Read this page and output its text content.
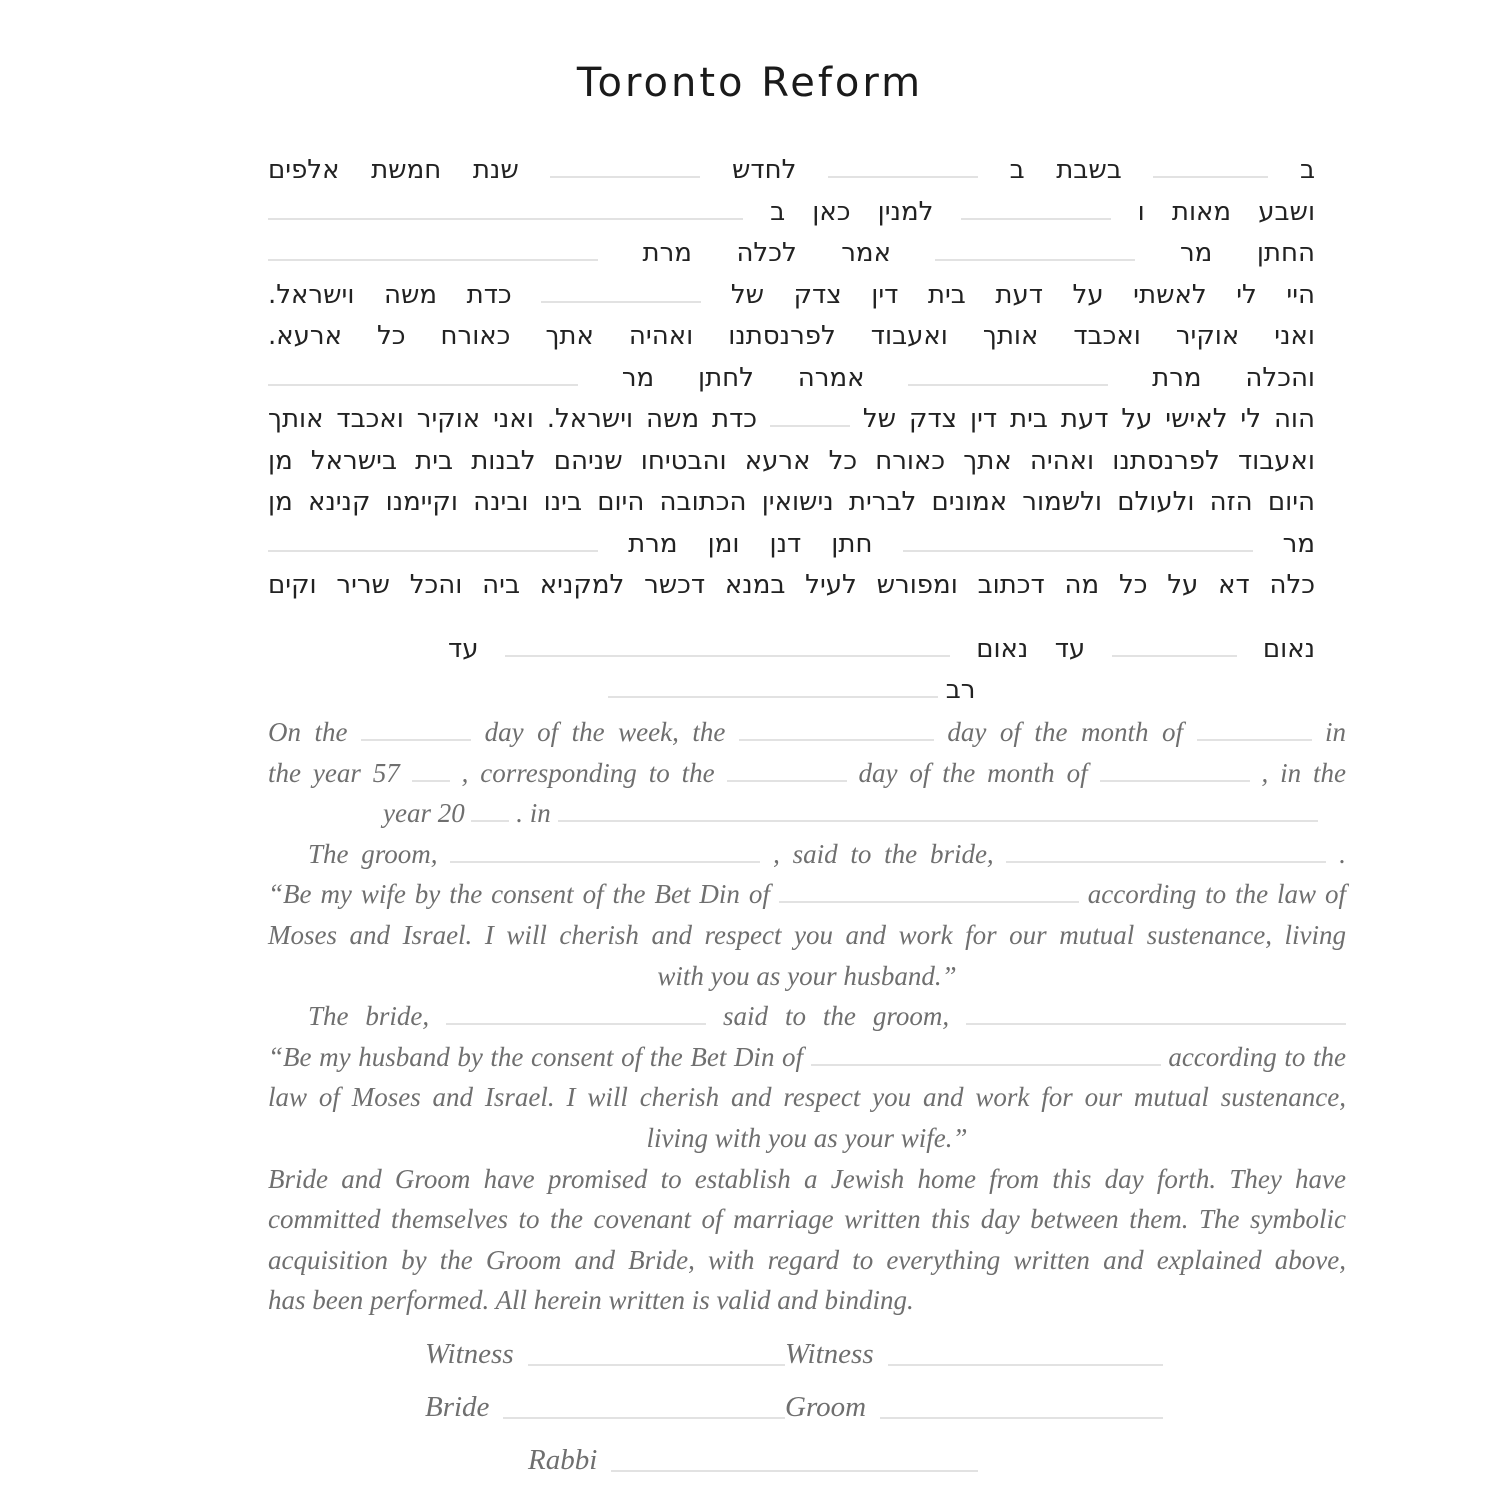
Toronto Reform
ב  בשבת ב  לחדש  שנת חמשת אלפים
ושבע מאות ו  למנין כאן ב
החתן מר  אמר לכלה מרת
היי לי לאשתי על דעת בית דין צדק של  כדת משה וישראל.
ואני אוקיר ואכבד אותך ואעבוד לפרנסתנו ואהיה אתך כאורח כל ארעא.
והכלה מרת  אמרה לחתן מר
הוה לי לאישי על דעת בית דין צדק של  כדת משה וישראל. ואני אוקיר ואכבד אותך
ואעבוד לפרנסתנו ואהיה אתך כאורח כל ארעא והבטיחו שניהם לבנות בית בישראל מן
היום הזה ולעולם ולשמור אמונים לברית נישואין הכתובה היום בינו ובינה וקיימנו קנינא מן
מר  חתן דנן ומן מרת
כלה דא על כל מה דכתוב ומפורש לעיל במנא דכשר למקניא ביה והכל שריר וקים
נאום  עד נאום  עד
רב
On the	day of the week, the	day of the month of	in
the year 57 , corresponding to the	day of the month of	, in the
year 20 . in
The groom,	, said to the bride,	.
“Be my wife by the consent of the Bet Din of	according to the law of
Moses and Israel. I will cherish and respect you and work for our mutual sustenance, living
with you as your husband.”
The bride,	said to the groom,
“Be my husband by the consent of the Bet Din of	according to the
law of Moses and Israel. I will cherish and respect you and work for our mutual sustenance,
living with you as your wife.”
Bride and Groom have promised to establish a Jewish home from this day forth. They have
committed themselves to the covenant of marriage written this day between them. The symbolic
acquisition by the Groom and Bride, with regard to everything written and explained above,
has been performed. All herein written is valid and binding.
Witness	Witness
Bride	Groom
Rabbi
